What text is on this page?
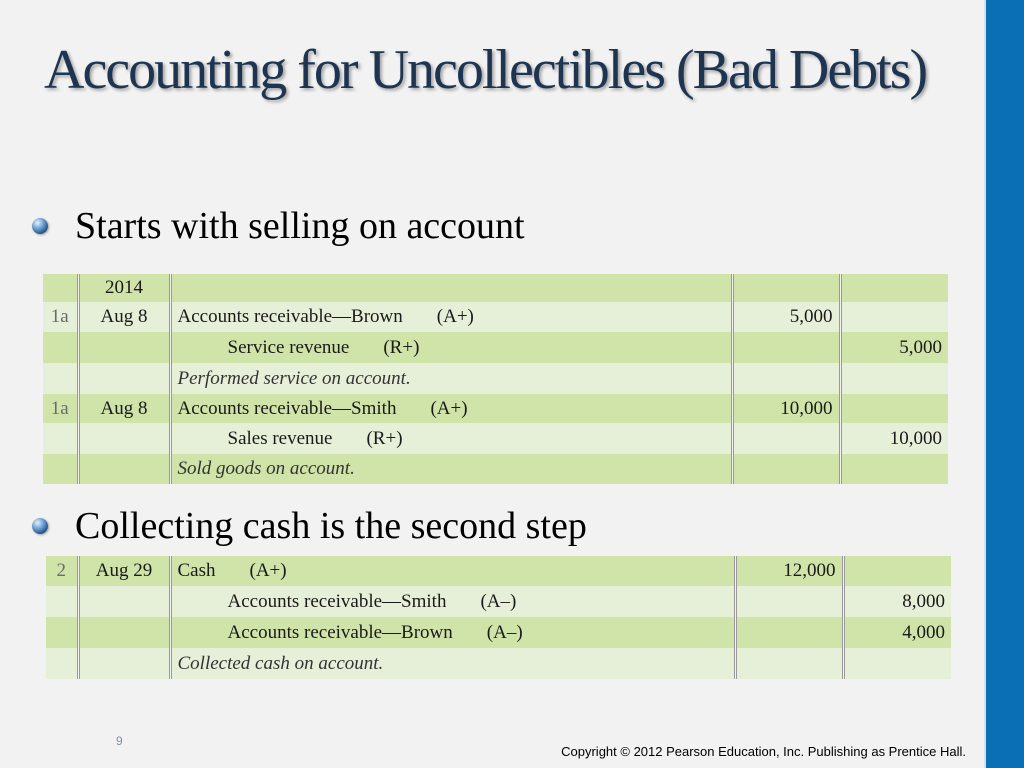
Accounting for Uncollectibles (Bad Debts)
Starts with selling on account
	2014			
1a	Aug 8	Accounts receivable—Brown (A+)	5,000	
		Service revenue (R+)		5,000
		Performed service on account.		
1a	Aug 8	Accounts receivable—Smith (A+)	10,000	
		Sales revenue (R+)		10,000
		Sold goods on account.		
Collecting cash is the second step
2	Aug 29	Cash (A+)	12,000	
		Accounts receivable—Smith (A–)		8,000
		Accounts receivable—Brown (A–)		4,000
		Collected cash on account.		
9
Copyright © 2012 Pearson Education, Inc. Publishing as Prentice Hall.
